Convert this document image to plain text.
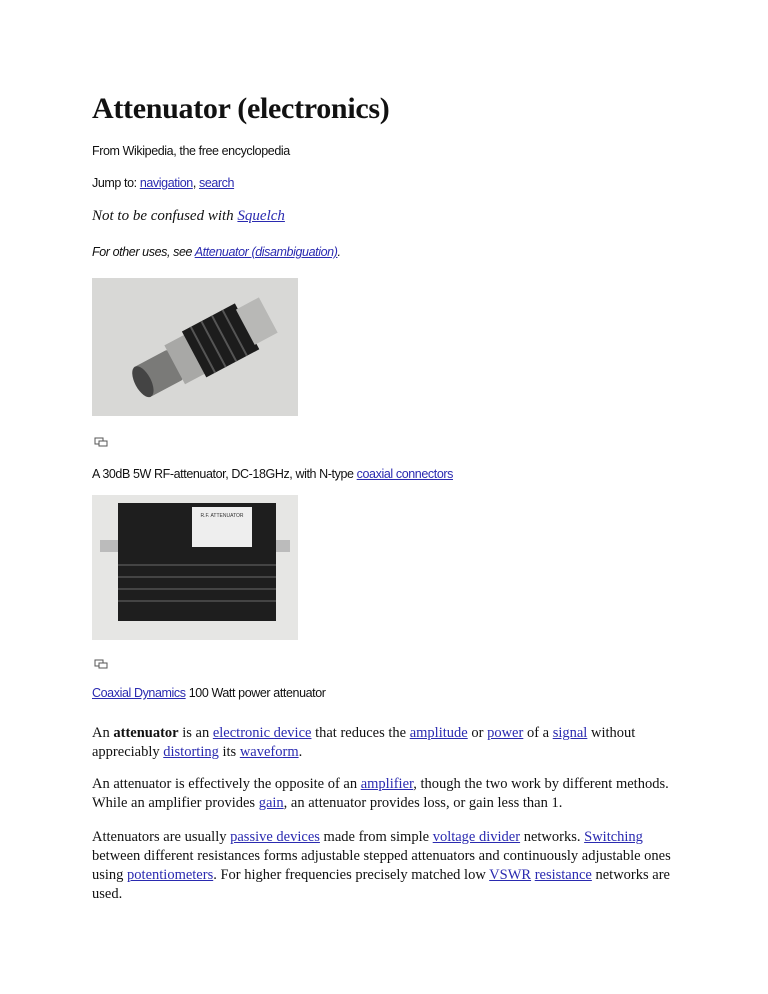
Attenuator (electronics)
From Wikipedia, the free encyclopedia
Jump to: navigation, search
Not to be confused with Squelch
For other uses, see Attenuator (disambiguation).
A 30dB 5W RF-attenuator, DC-18GHz, with N-type coaxial connectors
R.F. ATTENUATOR
Coaxial Dynamics 100 Watt power attenuator
An attenuator is an electronic device that reduces the amplitude or power of a signal without appreciably distorting its waveform.
An attenuator is effectively the opposite of an amplifier, though the two work by different methods. While an amplifier provides gain, an attenuator provides loss, or gain less than 1.
Attenuators are usually passive devices made from simple voltage divider networks. Switching between different resistances forms adjustable stepped attenuators and continuously adjustable ones using potentiometers. For higher frequencies precisely matched low VSWR resistance networks are used.
